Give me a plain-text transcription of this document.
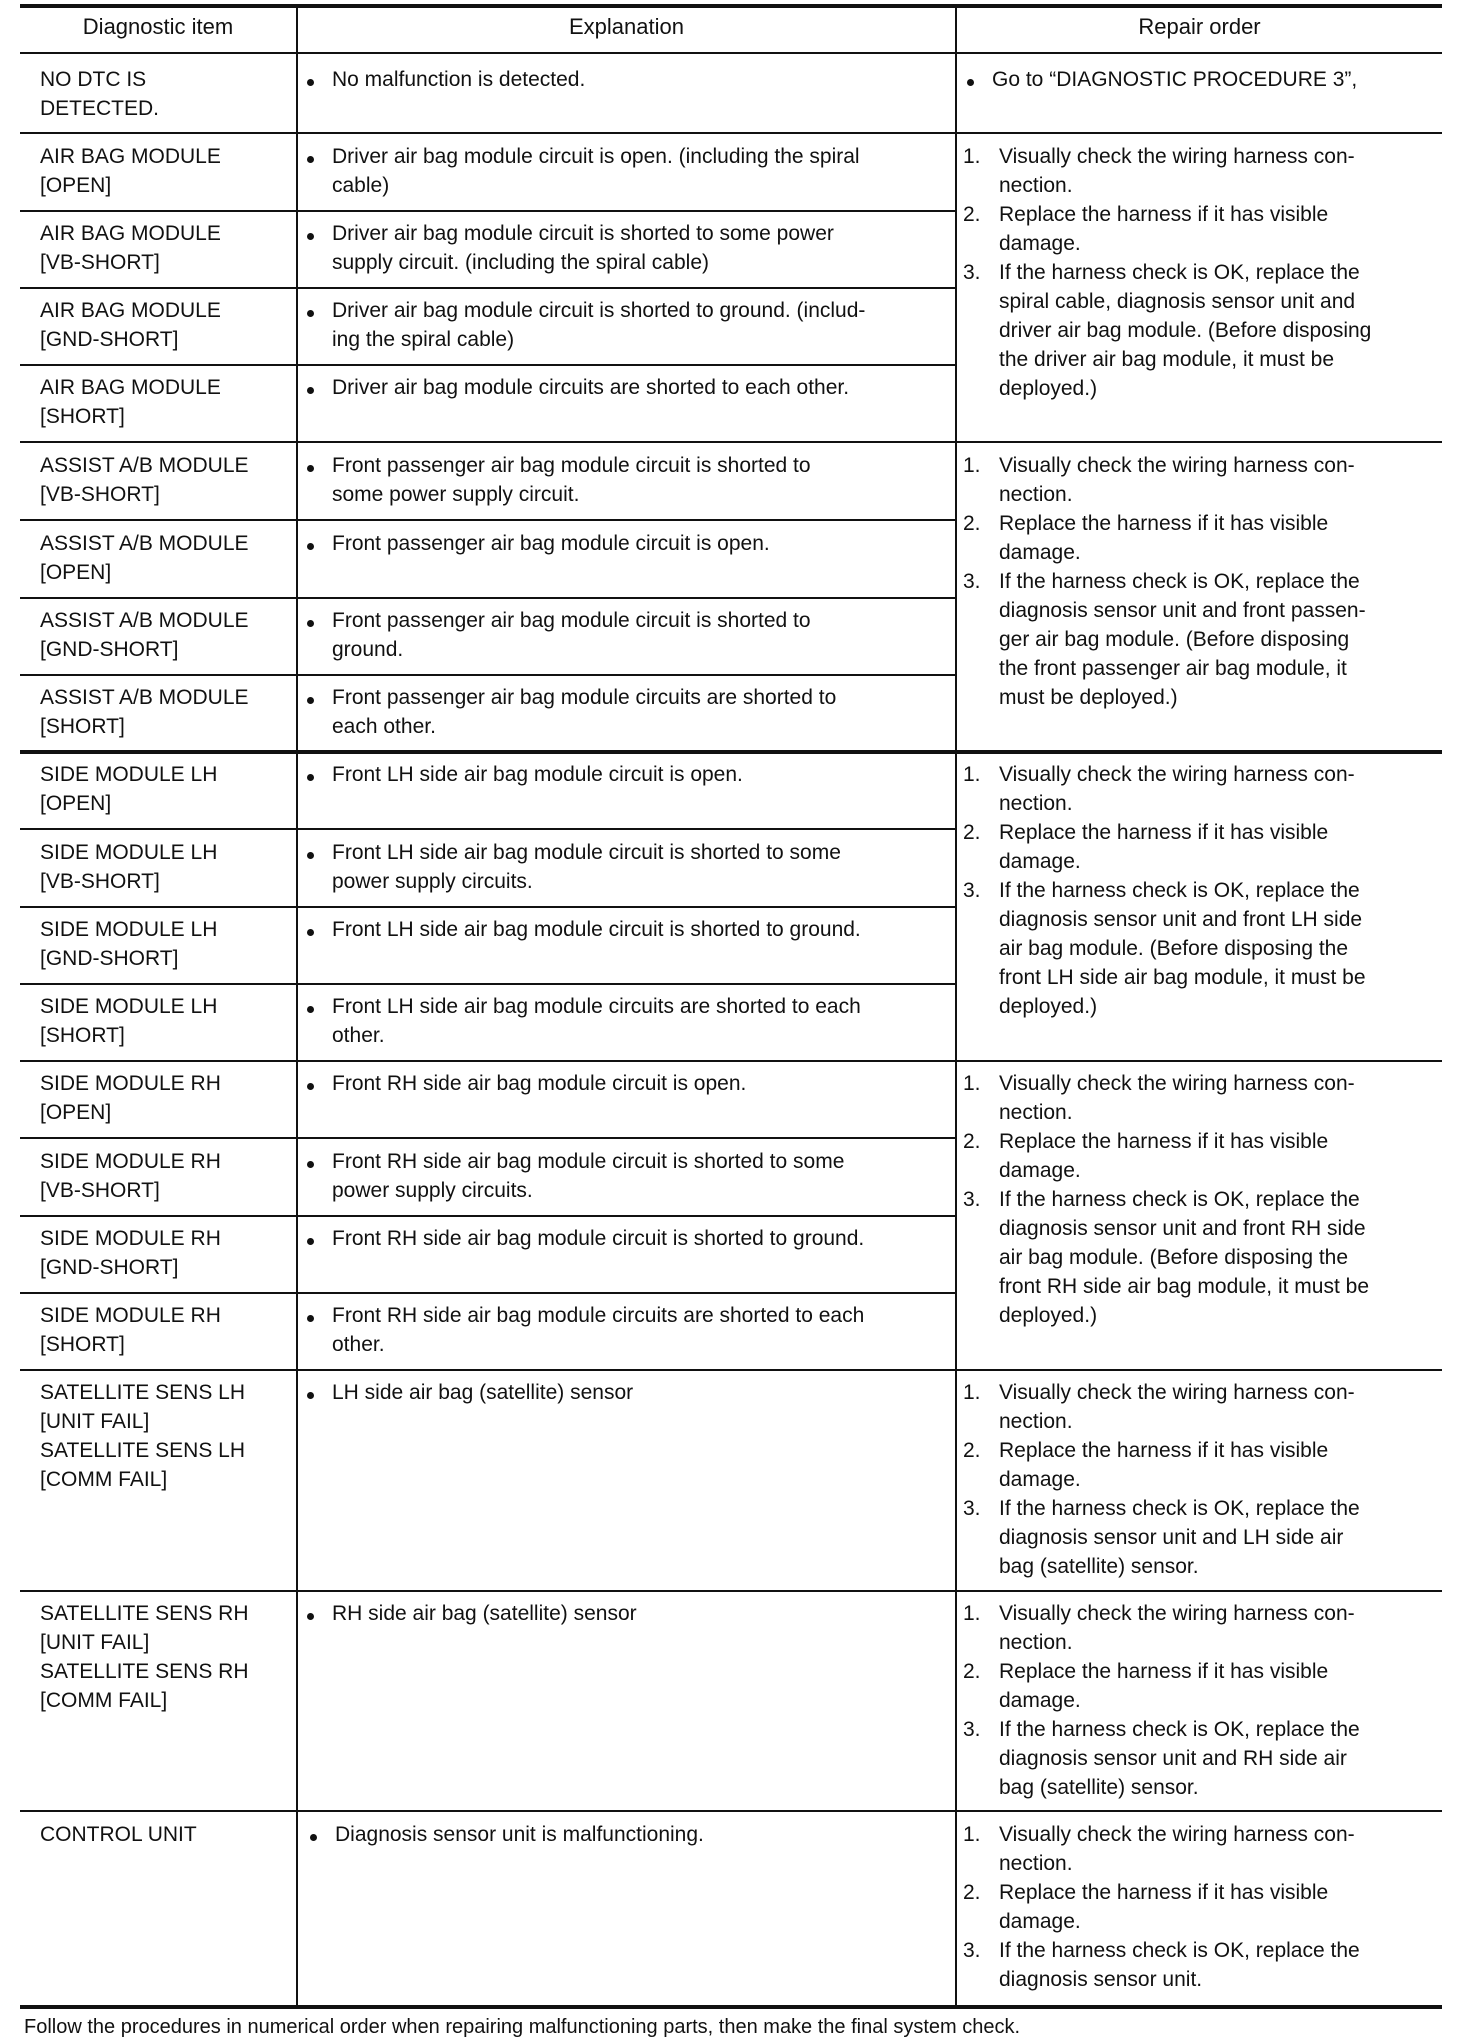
Diagnostic item	Explanation	Repair order
NO DTC IS
DETECTED.
AIR BAG MODULE
[OPEN]
AIR BAG MODULE
[VB-SHORT]
AIR BAG MODULE
[GND-SHORT]
AIR BAG MODULE
[SHORT]
ASSIST A/B MODULE
[VB-SHORT]
ASSIST A/B MODULE
[OPEN]
ASSIST A/B MODULE
[GND-SHORT]
ASSIST A/B MODULE
[SHORT]
SIDE MODULE LH
[OPEN]
SIDE MODULE LH
[VB-SHORT]
SIDE MODULE LH
[GND-SHORT]
SIDE MODULE LH
[SHORT]
SIDE MODULE RH
[OPEN]
SIDE MODULE RH
[VB-SHORT]
SIDE MODULE RH
[GND-SHORT]
SIDE MODULE RH
[SHORT]
SATELLITE SENS LH
[UNIT FAIL]
SATELLITE SENS LH
[COMM FAIL]
SATELLITE SENS RH
[UNIT FAIL]
SATELLITE SENS RH
[COMM FAIL]
CONTROL UNIT
No malfunction is detected.
Driver air bag module circuit is open. (including the spiral
cable)
Driver air bag module circuit is shorted to some power
supply circuit. (including the spiral cable)
Driver air bag module circuit is shorted to ground. (includ-
ing the spiral cable)
Driver air bag module circuits are shorted to each other.
Front passenger air bag module circuit is shorted to
some power supply circuit.
Front passenger air bag module circuit is open.
Front passenger air bag module circuit is shorted to
ground.
Front passenger air bag module circuits are shorted to
each other.
Front LH side air bag module circuit is open.
Front LH side air bag module circuit is shorted to some
power supply circuits.
Front LH side air bag module circuit is shorted to ground.
Front LH side air bag module circuits are shorted to each
other.
Front RH side air bag module circuit is open.
Front RH side air bag module circuit is shorted to some
power supply circuits.
Front RH side air bag module circuit is shorted to ground.
Front RH side air bag module circuits are shorted to each
other.
LH side air bag (satellite) sensor
RH side air bag (satellite) sensor
Diagnosis sensor unit is malfunctioning.
Go to “DIAGNOSTIC PROCEDURE 3”,
1. Visually check the wiring harness con-
nection.
2. Replace the harness if it has visible
damage.
3. If the harness check is OK, replace the
spiral cable, diagnosis sensor unit and
driver air bag module. (Before disposing
the driver air bag module, it must be
deployed.)
1. Visually check the wiring harness con-
nection.
2. Replace the harness if it has visible
damage.
3. If the harness check is OK, replace the
diagnosis sensor unit and front passen-
ger air bag module. (Before disposing
the front passenger air bag module, it
must be deployed.)
1. Visually check the wiring harness con-
nection.
2. Replace the harness if it has visible
damage.
3. If the harness check is OK, replace the
diagnosis sensor unit and front LH side
air bag module. (Before disposing the
front LH side air bag module, it must be
deployed.)
1. Visually check the wiring harness con-
nection.
2. Replace the harness if it has visible
damage.
3. If the harness check is OK, replace the
diagnosis sensor unit and front RH side
air bag module. (Before disposing the
front RH side air bag module, it must be
deployed.)
1. Visually check the wiring harness con-
nection.
2. Replace the harness if it has visible
damage.
3. If the harness check is OK, replace the
diagnosis sensor unit and LH side air
bag (satellite) sensor.
1. Visually check the wiring harness con-
nection.
2. Replace the harness if it has visible
damage.
3. If the harness check is OK, replace the
diagnosis sensor unit and RH side air
bag (satellite) sensor.
1. Visually check the wiring harness con-
nection.
2. Replace the harness if it has visible
damage.
3. If the harness check is OK, replace the
diagnosis sensor unit.
Follow the procedures in numerical order when repairing malfunctioning parts, then make the final system check.
